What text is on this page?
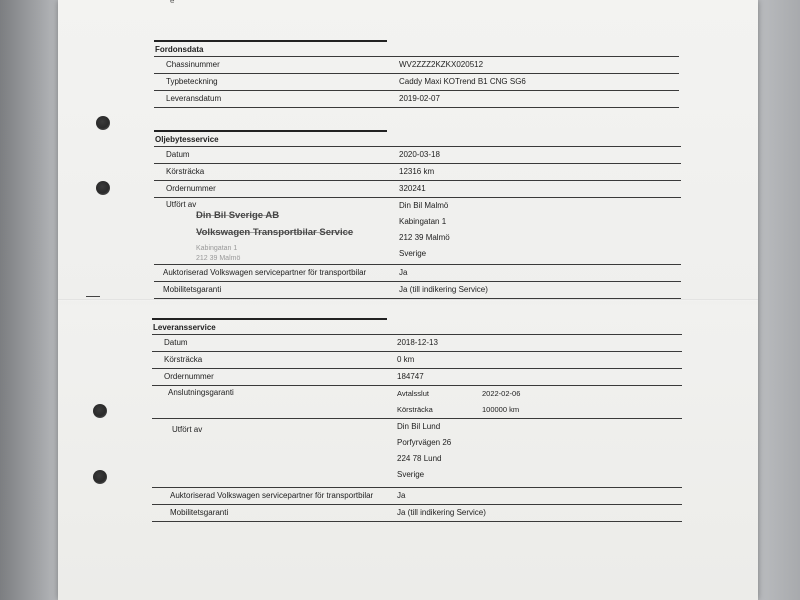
e
Fordonsdata
Chassinummer	WV2ZZZ2KZKX020512
Typbeteckning	Caddy Maxi KOTrend B1 CNG SG6
Leveransdatum	2019-02-07
Oljebytesservice
Datum	2020-03-18
Körsträcka	12316 km
Ordernummer	320241
Utfört av	Din Bil Malmö
Kabingatan 1
212 39 Malmö
Sverige
Din Bil Sverige AB
Volkswagen Transportbilar Service
Kabingatan 1
212 39 Malmö
Auktoriserad Volkswagen servicepartner för transportbilar	Ja
Mobilitetsgaranti	Ja (till indikering Service)
Leveransservice
Datum	2018-12-13
Körsträcka	0 km
Ordernummer	184747
Anslutningsgaranti	Avtalsslut	2022-02-06
Körsträcka	100000 km
Utfört av	Din Bil Lund
Porfyrvägen 26
224 78 Lund
Sverige
Auktoriserad Volkswagen servicepartner för transportbilar	Ja
Mobilitetsgaranti	Ja (till indikering Service)
